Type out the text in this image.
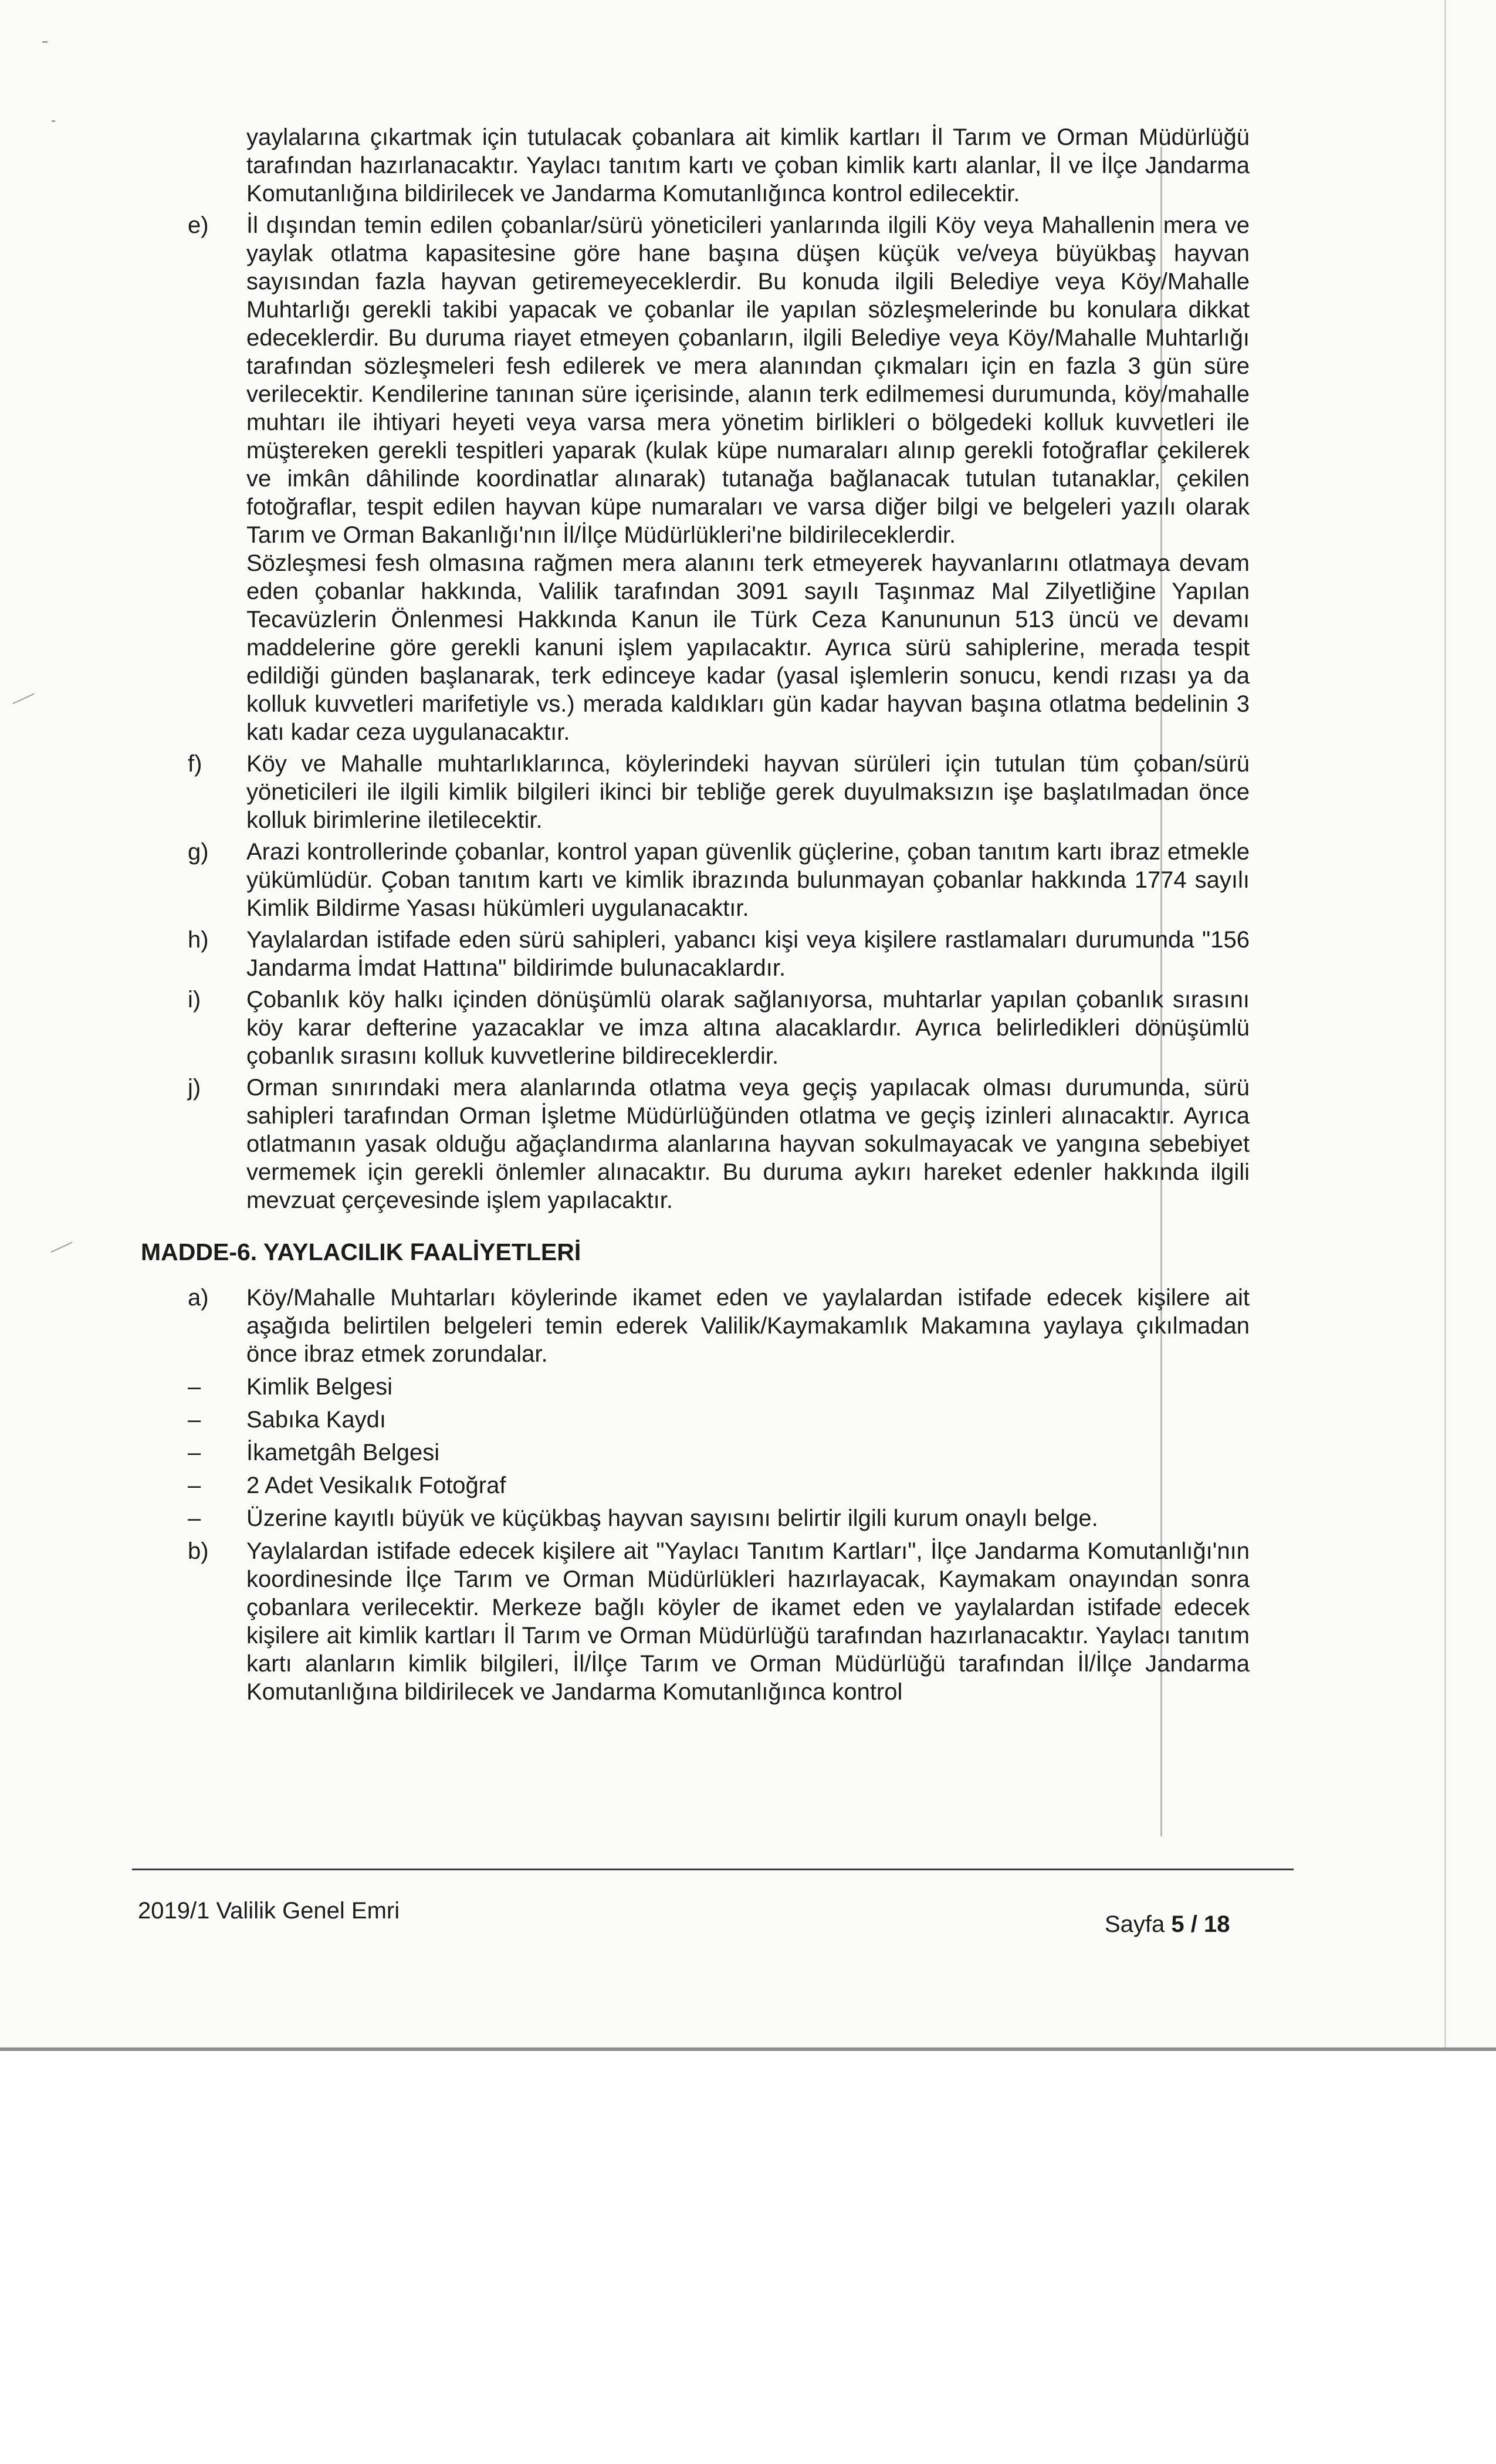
yaylalarına çıkartmak için tutulacak çobanlara ait kimlik kartları İl Tarım ve Orman Müdürlüğü tarafından hazırlanacaktır. Yaylacı tanıtım kartı ve çoban kimlik kartı alanlar, İl ve İlçe Jandarma Komutanlığına bildirilecek ve Jandarma Komutanlığınca kontrol edilecektir.

e) İl dışından temin edilen çobanlar/sürü yöneticileri yanlarında ilgili Köy veya Mahallenin mera ve yaylak otlatma kapasitesine göre hane başına düşen küçük ve/veya büyükbaş hayvan sayısından fazla hayvan getiremeyeceklerdir. Bu konuda ilgili Belediye veya Köy/Mahalle Muhtarlığı gerekli takibi yapacak ve çobanlar ile yapılan sözleşmelerinde bu konulara dikkat edeceklerdir. Bu duruma riayet etmeyen çobanların, ilgili Belediye veya Köy/Mahalle Muhtarlığı tarafından sözleşmeleri fesh edilerek ve mera alanından çıkmaları için en fazla 3 gün süre verilecektir. Kendilerine tanınan süre içerisinde, alanın terk edilmemesi durumunda, köy/mahalle muhtarı ile ihtiyari heyeti veya varsa mera yönetim birlikleri o bölgedeki kolluk kuvvetleri ile müştereken gerekli tespitleri yaparak (kulak küpe numaraları alınıp gerekli fotoğraflar çekilerek ve imkân dâhilinde koordinatlar alınarak) tutanağa bağlanacak tutulan tutanaklar, çekilen fotoğraflar, tespit edilen hayvan küpe numaraları ve varsa diğer bilgi ve belgeleri yazılı olarak Tarım ve Orman Bakanlığı'nın İl/İlçe Müdürlükleri'ne bildirileceklerdir.

Sözleşmesi fesh olmasına rağmen mera alanını terk etmeyerek hayvanlarını otlatmaya devam eden çobanlar hakkında, Valilik tarafından 3091 sayılı Taşınmaz Mal Zilyetliğine Yapılan Tecavüzlerin Önlenmesi Hakkında Kanun ile Türk Ceza Kanununun 513 üncü ve devamı maddelerine göre gerekli kanuni işlem yapılacaktır. Ayrıca sürü sahiplerine, merada tespit edildiği günden başlanarak, terk edinceye kadar (yasal işlemlerin sonucu, kendi rızası ya da kolluk kuvvetleri marifetiyle vs.) merada kaldıkları gün kadar hayvan başına otlatma bedelinin 3 katı kadar ceza uygulanacaktır.

f) Köy ve Mahalle muhtarlıklarınca, köylerindeki hayvan sürüleri için tutulan tüm çoban/sürü yöneticileri ile ilgili kimlik bilgileri ikinci bir tebliğe gerek duyulmaksızın işe başlatılmadan önce kolluk birimlerine iletilecektir.

g) Arazi kontrollerinde çobanlar, kontrol yapan güvenlik güçlerine, çoban tanıtım kartı ibraz etmekle yükümlüdür. Çoban tanıtım kartı ve kimlik ibrazında bulunmayan çobanlar hakkında 1774 sayılı Kimlik Bildirme Yasası hükümleri uygulanacaktır.

h) Yaylalardan istifade eden sürü sahipleri, yabancı kişi veya kişilere rastlamaları durumunda "156 Jandarma İmdat Hattına" bildirimde bulunacaklardır.

i) Çobanlık köy halkı içinden dönüşümlü olarak sağlanıyorsa, muhtarlar yapılan çobanlık sırasını köy karar defterine yazacaklar ve imza altına alacaklardır. Ayrıca belirledikleri dönüşümlü çobanlık sırasını kolluk kuvvetlerine bildireceklerdir.

j) Orman sınırındaki mera alanlarında otlatma veya geçiş yapılacak olması durumunda, sürü sahipleri tarafından Orman İşletme Müdürlüğünden otlatma ve geçiş izinleri alınacaktır. Ayrıca otlatmanın yasak olduğu ağaçlandırma alanlarına hayvan sokulmayacak ve yangına sebebiyet vermemek için gerekli önlemler alınacaktır. Bu duruma aykırı hareket edenler hakkında ilgili mevzuat çerçevesinde işlem yapılacaktır.

MADDE-6. YAYLACILIK FAALİYETLERİ
a) Köy/Mahalle Muhtarları köylerinde ikamet eden ve yaylalardan istifade edecek kişilere ait aşağıda belirtilen belgeleri temin ederek Valilik/Kaymakamlık Makamına yaylaya çıkılmadan önce ibraz etmek zorundalar.

– Kimlik Belgesi
– Sabıka Kaydı
– İkametgâh Belgesi
– 2 Adet Vesikalık Fotoğraf
– Üzerine kayıtlı büyük ve küçükbaş hayvan sayısını belirtir ilgili kurum onaylı belge.
b) Yaylalardan istifade edecek kişilere ait "Yaylacı Tanıtım Kartları", İlçe Jandarma Komutanlığı'nın koordinesinde İlçe Tarım ve Orman Müdürlükleri hazırlayacak, Kaymakam onayından sonra çobanlara verilecektir. Merkeze bağlı köyler de ikamet eden ve yaylalardan istifade edecek kişilere ait kimlik kartları İl Tarım ve Orman Müdürlüğü tarafından hazırlanacaktır. Yaylacı tanıtım kartı alanların kimlik bilgileri, İl/İlçe Tarım ve Orman Müdürlüğü tarafından İl/İlçe Jandarma Komutanlığına bildirilecek ve Jandarma Komutanlığınca kontrol

2019/1 Valilik Genel Emri
Sayfa 5 / 18
